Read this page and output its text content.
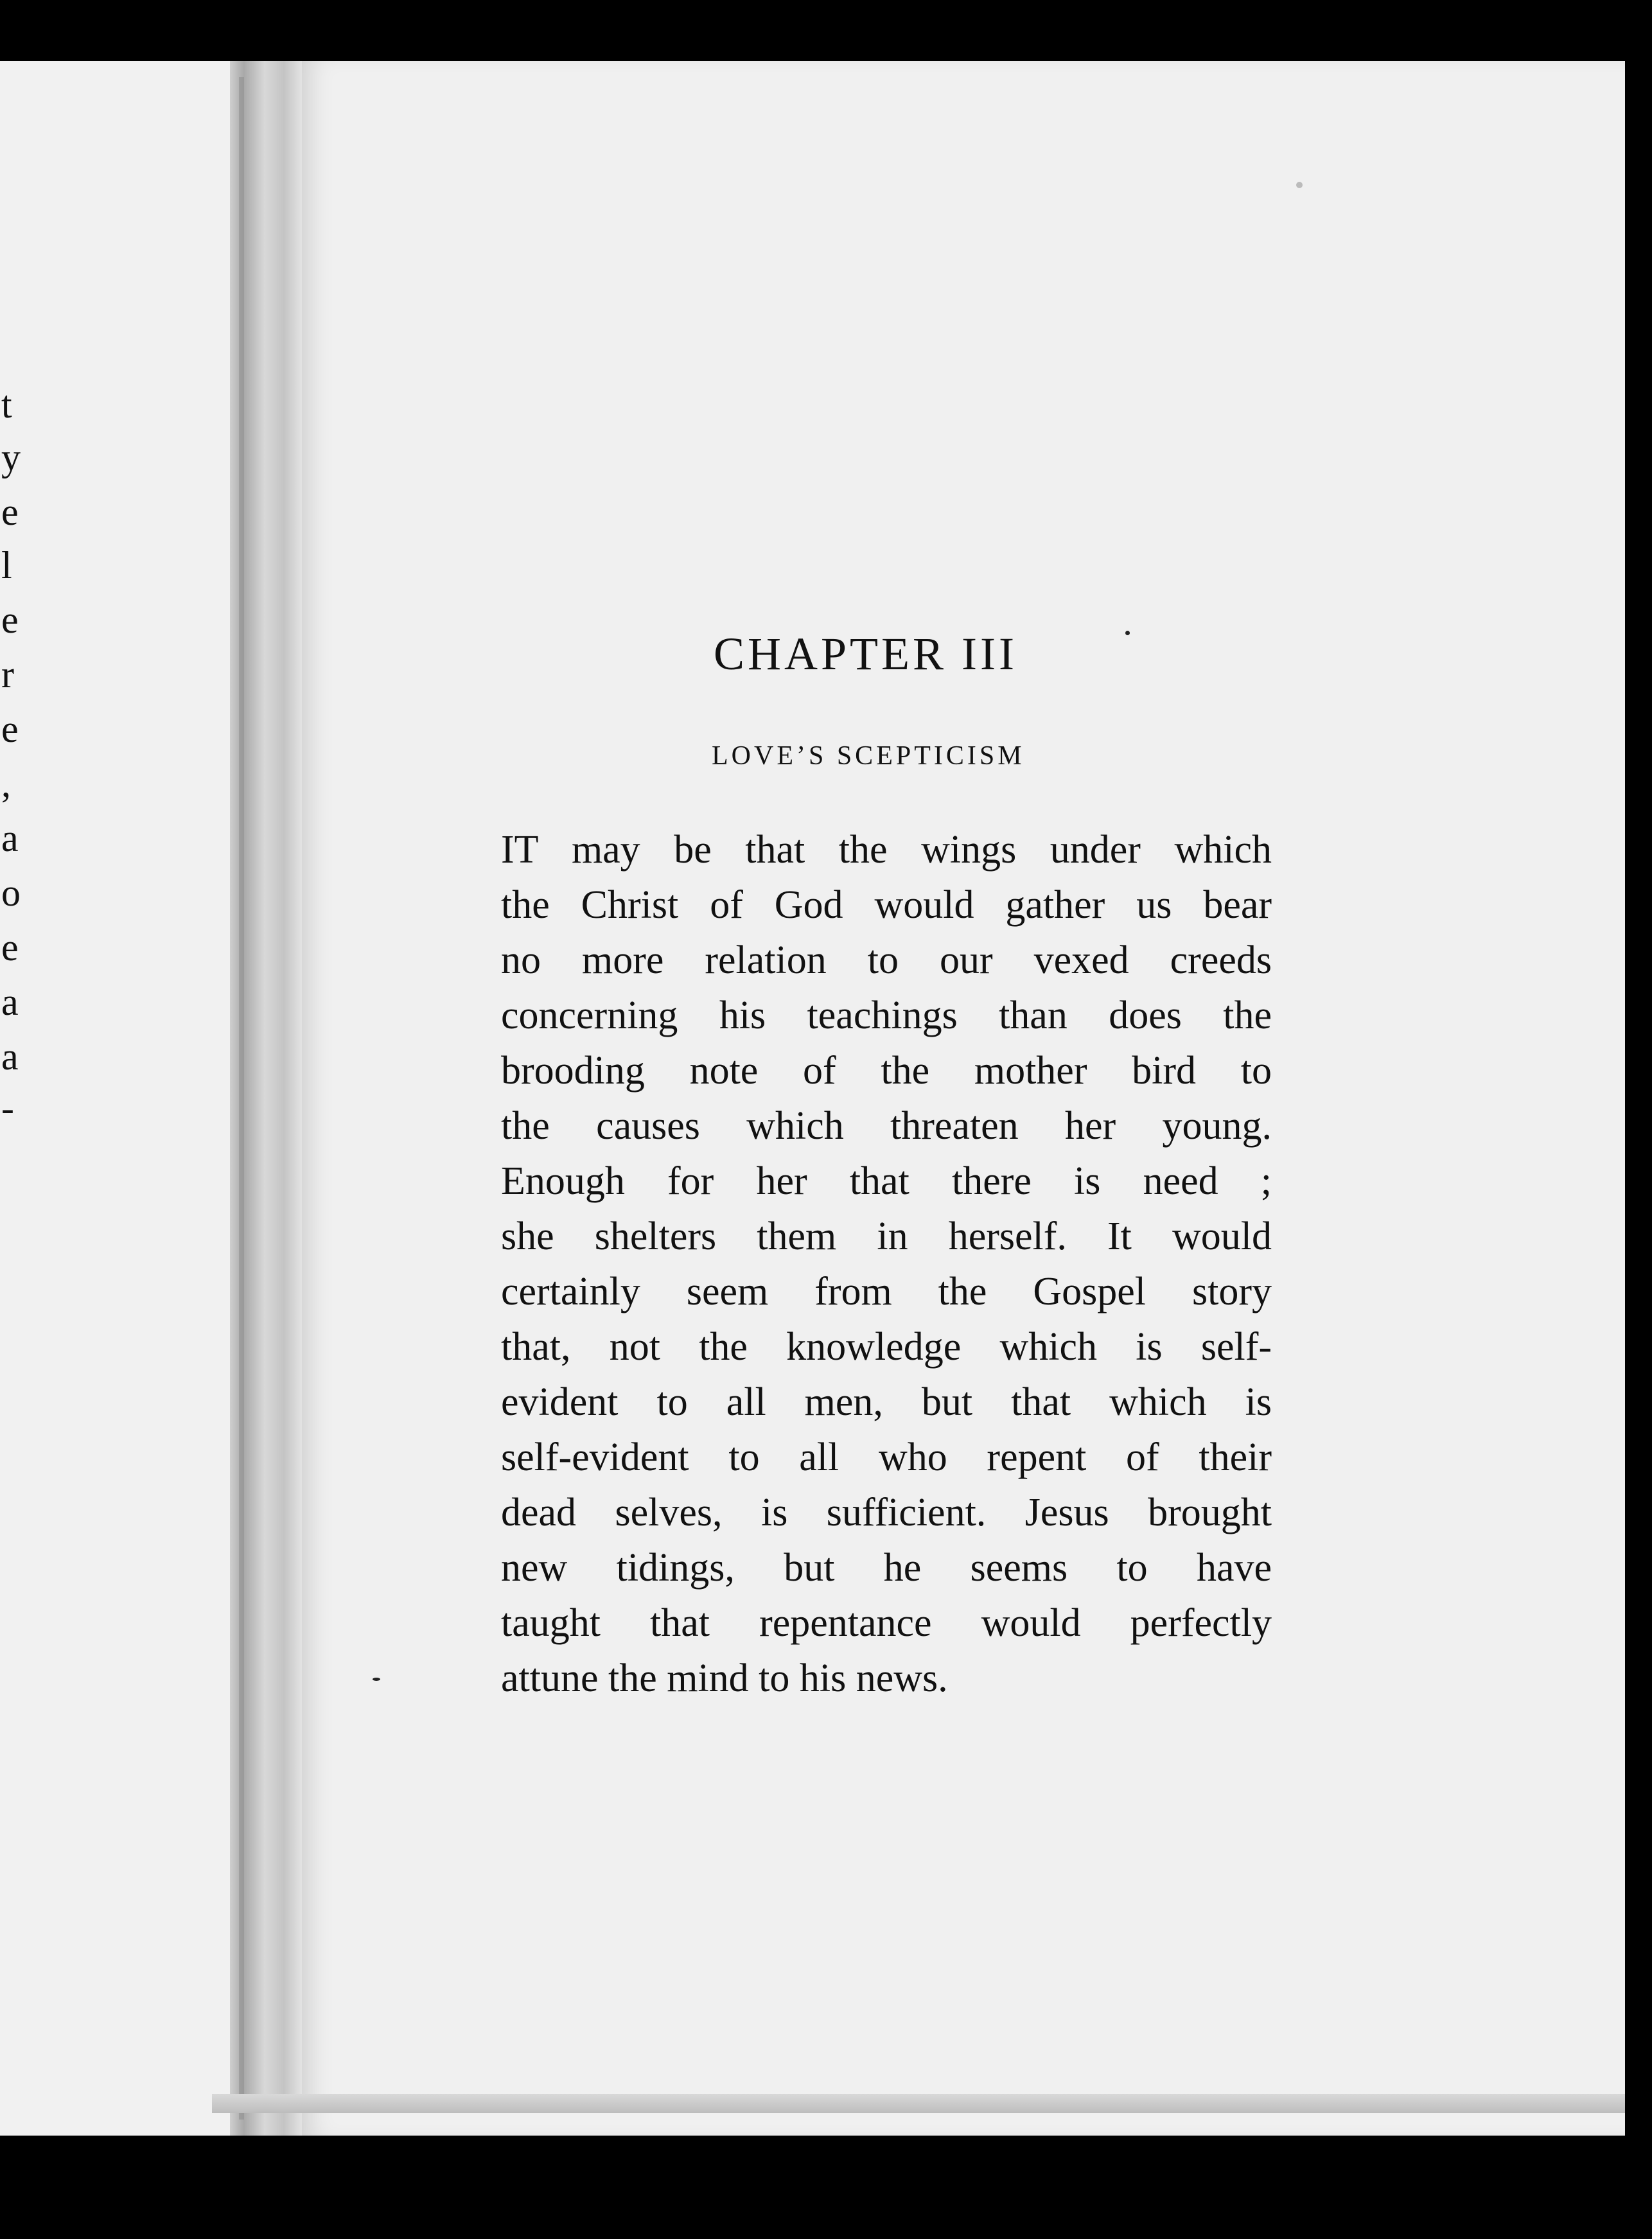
t
y
e
l
e
r
e
,
a
o
e
a
a
-
CHAPTER III
LOVE’S SCEPTICISM
IT may be that the wings under which
the Christ of God would gather us bear
no more relation to our vexed creeds
concerning his teachings than does the
brooding note of the mother bird to
the causes which threaten her young.
Enough for her that there is need ;
she shelters them in herself. It would
certainly seem from the Gospel story
that, not the knowledge which is self-
evident to all men, but that which is
self-evident to all who repent of their
dead selves, is sufficient. Jesus brought
new tidings, but he seems to have
taught that repentance would perfectly
attune the mind to his news.
